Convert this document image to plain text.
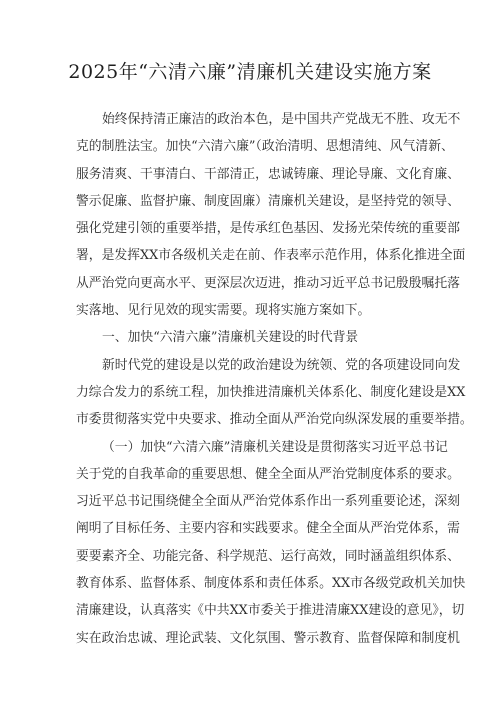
2025年“六清六廉”清廉机关建设实施方案
始终保持清正廉洁的政治本色，是中国共产党战无不胜、攻无不
克的制胜法宝。加快“六清六廉”（政治清明、思想清纯、风气清新、
服务清爽、干事清白、干部清正，忠诚铸廉、理论导廉、文化育廉、
警示促廉、监督护廉、制度固廉）清廉机关建设，是坚持党的领导、
强化党建引领的重要举措，是传承红色基因、发扬光荣传统的重要部
署，是发挥XX市各级机关走在前、作表率示范作用，体系化推进全面
从严治党向更高水平、更深层次迈进，推动习近平总书记殷殷嘱托落
实落地、见行见效的现实需要。现将实施方案如下。
一、加快“六清六廉”清廉机关建设的时代背景
新时代党的建设是以党的政治建设为统领、党的各项建设同向发
力综合发力的系统工程，加快推进清廉机关体系化、制度化建设是XX
市委贯彻落实党中央要求、推动全面从严治党向纵深发展的重要举措。
（一）加快“六清六廉”清廉机关建设是贯彻落实习近平总书记
关于党的自我革命的重要思想、健全全面从严治党制度体系的要求。
习近平总书记围绕健全全面从严治党体系作出一系列重要论述，深刻
阐明了目标任务、主要内容和实践要求。健全全面从严治党体系，需
要要素齐全、功能完备、科学规范、运行高效，同时涵盖组织体系、
教育体系、监督体系、制度体系和责任体系。XX市各级党政机关加快
清廉建设，认真落实《中共XX市委关于推进清廉XX建设的意见》，切
实在政治忠诚、理论武装、文化氛围、警示教育、监督保障和制度机
